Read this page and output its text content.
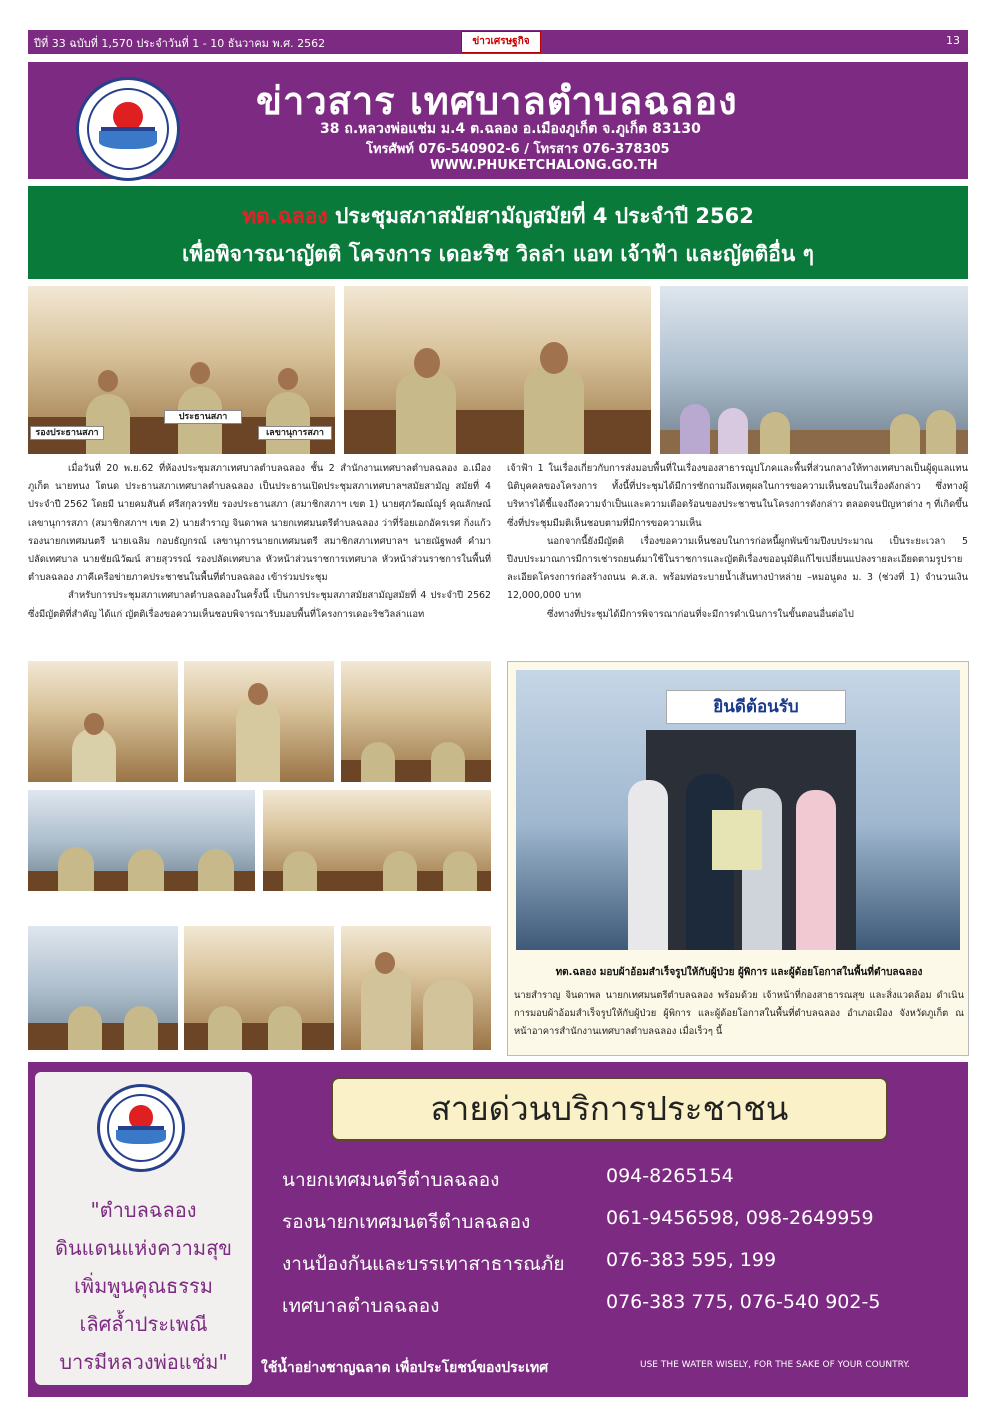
ปีที่ 33 ฉบับที่ 1,570 ประจำวันที่ 1 - 10 ธันวาคม พ.ศ. 2562	ข่าวเศรษฐกิจ	13
ข่าวสาร เทศบาลตำบลฉลอง
38 ถ.หลวงพ่อแช่ม ม.4 ต.ฉลอง อ.เมืองภูเก็ต จ.ภูเก็ต 83130
โทรศัพท์ 076-540902-6 / โทรสาร 076-378305
WWW.PHUKETCHALONG.GO.TH
ทต.ฉลอง ประชุมสภาสมัยสามัญสมัยที่ 4 ประจำปี 2562
เพื่อพิจารณาญัตติ โครงการ เดอะริช วิลล่า แอท เจ้าฟ้า และญัตติอื่น ๆ
ประธานสภา
รองประธานสภา	เลขานุการสภา

เมื่อวันที่ 20 พ.ย.62 ที่ห้องประชุมสภาเทศบาลตำบลฉลอง ชั้น 2 สำนักงานเทศบาลตำบลฉลอง อ.เมืองภูเก็ต นายทนง โตนด ประธานสภาเทศบาลตำบลฉลอง เป็นประธานเปิดประชุมสภาเทศบาลฯสมัยสามัญ สมัยที่ 4 ประจำปี 2562 โดยมี นายคมสันต์ ศรีสกุลวรทัย รองประธานสภา (สมาชิกสภาฯ เขต 1) นายศุภวัฒณ์ฌูร์ คุณลักษณ์ เลขานุการสภา (สมาชิกสภาฯ เขต 2) นายสำราญ จินดาพล นายกเทศมนตรีตำบลฉลอง ว่าที่ร้อยเอกอัครเรศ กิ่งแก้ว รองนายกเทศมนตรี นายเฉลิม กอบธัญกรณ์ เลขานุการนายกเทศมนตรี สมาชิกสภาเทศบาลฯ นายณัฐพงศ์ คำมา ปลัดเทศบาล นายชัยณิวัฒน์ สายสุวรรณ์ รองปลัดเทศบาล หัวหน้าส่วนราชการเทศบาล หัวหน้าส่วนราชการในพื้นที่ตำบลฉลอง ภาคีเครือข่ายภาคประชาชนในพื้นที่ตำบลฉลอง เข้าร่วมประชุม

สำหรับการประชุมสภาเทศบาลตำบลฉลองในครั้งนี้ เป็นการประชุมสภาสมัยสามัญสมัยที่ 4 ประจำปี 2562 ซึ่งมีญัตติที่สำคัญ ได้แก่ ญัตติเรื่องขอความเห็นชอบพิจารณารับมอบพื้นที่โครงการเดอะริชวิลล่าแอท

เจ้าฟ้า 1 ในเรื่องเกี่ยวกับการส่งมอบพื้นที่ในเรื่องของสาธารณูปโภคและพื้นที่ส่วนกลางให้ทางเทศบาลเป็นผู้ดูแลแทนนิติบุคคลของโครงการ ทั้งนี้ที่ประชุมได้มีการซักถามถึงเหตุผลในการขอความเห็นชอบในเรื่องดังกล่าว ซึ่งทางผู้บริหารได้ชี้แจงถึงความจำเป็นและความเดือดร้อนของประชาชนในโครงการดังกล่าว ตลอดจนปัญหาต่าง ๆ ที่เกิดขึ้น ซึ่งที่ประชุมมีมติเห็นชอบตามที่มีการขอความเห็น

นอกจากนี้ยังมีญัตติ เรื่องขอความเห็นชอบในการก่อหนี้ผูกพันข้ามปีงบประมาณ เป็นระยะเวลา 5 ปีงบประมาณการมีการเช่ารถยนต์มาใช้ในราชการและญัตติเรื่องขออนุมัติแก้ไขเปลี่ยนแปลงรายละเอียดตามรูปรายละเอียดโครงการก่อสร้างถนน ค.ส.ล. พร้อมท่อระบายน้ำเส้นทางป่าหล่าย –หมอนูดง ม. 3 (ช่วงที่ 1) จำนวนเงิน 12,000,000 บาท

ซึ่งทางที่ประชุมได้มีการพิจารณาก่อนที่จะมีการดำเนินการในขั้นตอนอื่นต่อไป

ยินดีต้อนรับ
ทต.ฉลอง มอบผ้าอ้อมสำเร็จรูปให้กับผู้ป่วย ผู้พิการ และผู้ด้อยโอกาสในพื้นที่ตำบลฉลอง
นายสำราญ จินดาพล นายกเทศมนตรีตำบลฉลอง พร้อมด้วย เจ้าหน้าที่กองสาธารณสุข และสิ่งแวดล้อม ดำเนินการมอบผ้าอ้อมสำเร็จรูปให้กับผู้ป่วย ผู้พิการ และผู้ด้อยโอกาสในพื้นที่ตำบลฉลอง อำเภอเมือง จังหวัดภูเก็ต ณ หน้าอาคารสำนักงานเทศบาลตำบลฉลอง เมื่อเร็วๆ นี้
"ตำบลฉลอง
ดินแดนแห่งความสุข
เพิ่มพูนคุณธรรม
เลิศล้ำประเพณี
บารมีหลวงพ่อแช่ม"
สายด่วนบริการประชาชน
นายกเทศมนตรีตำบลฉลอง	094-8265154
รองนายกเทศมนตรีตำบลฉลอง	061-9456598, 098-2649959
งานป้องกันและบรรเทาสาธารณภัย 076-383 595, 199
เทศบาลตำบลฉลอง	076-383 775, 076-540 902-5
ใช้น้ำอย่างชาญฉลาด เพื่อประโยชน์ของประเทศ	USE THE WATER WISELY, FOR THE SAKE OF YOUR COUNTRY.
